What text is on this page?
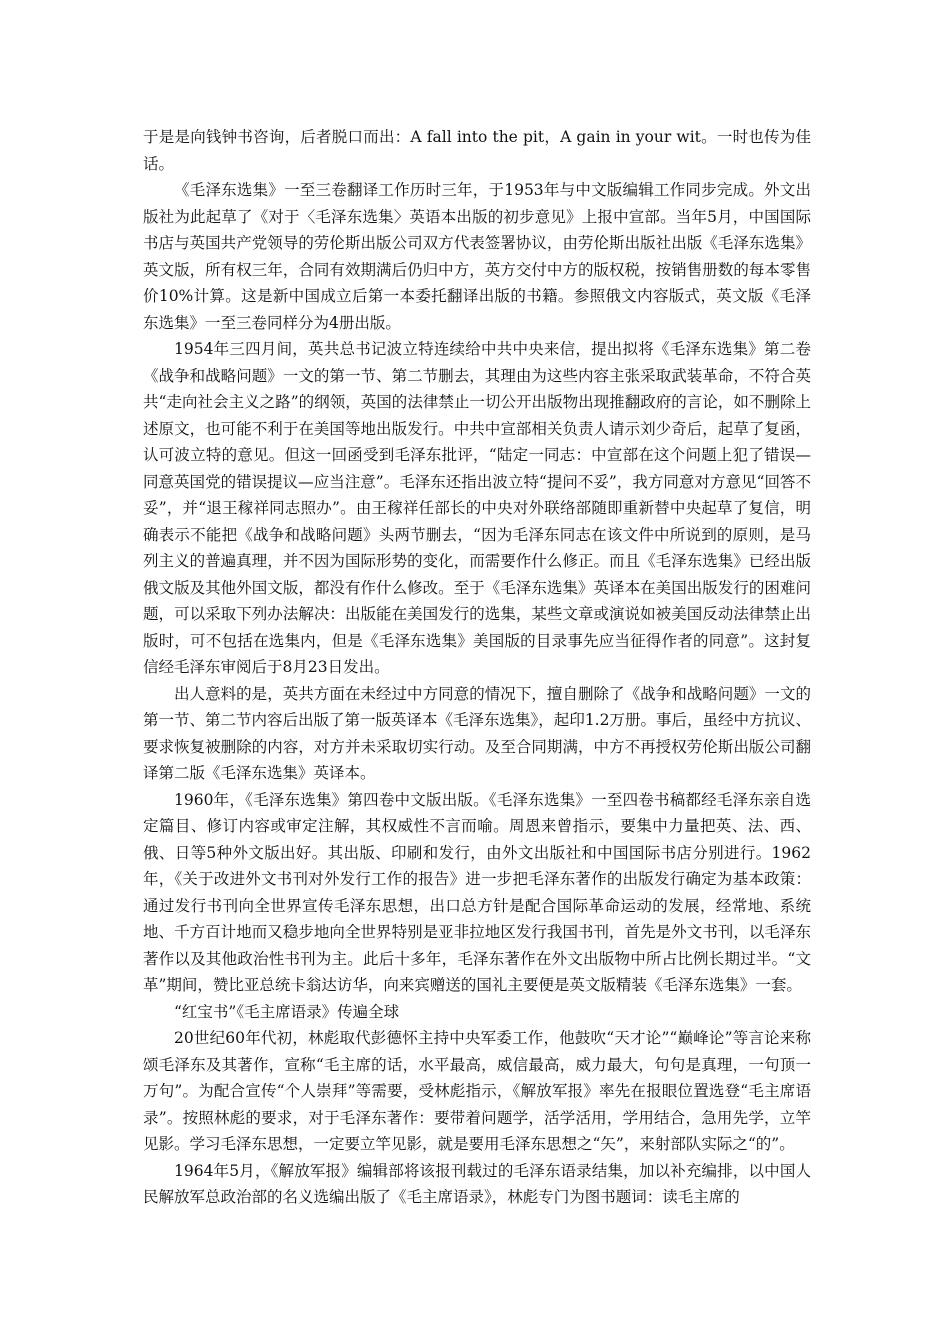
于是是向钱钟书咨询，后者脱口而出：A fall into the pit，A gain in your wit。一时也传为佳话。

《毛泽东选集》一至三卷翻译工作历时三年，于1953年与中文版编辑工作同步完成。外文出版社为此起草了《对于〈毛泽东选集〉英语本出版的初步意见》上报中宣部。当年5月，中国国际书店与英国共产党领导的劳伦斯出版公司双方代表签署协议，由劳伦斯出版社出版《毛泽东选集》英文版，所有权三年，合同有效期满后仍归中方，英方交付中方的版权税，按销售册数的每本零售价10%计算。这是新中国成立后第一本委托翻译出版的书籍。参照俄文内容版式，英文版《毛泽东选集》一至三卷同样分为4册出版。

1954年三四月间，英共总书记波立特连续给中共中央来信，提出拟将《毛泽东选集》第二卷《战争和战略问题》一文的第一节、第二节删去，其理由为这些内容主张采取武装革命，不符合英共“走向社会主义之路”的纲领，英国的法律禁止一切公开出版物出现推翻政府的言论，如不删除上述原文，也可能不利于在美国等地出版发行。中共中宣部相关负责人请示刘少奇后，起草了复函，认可波立特的意见。但这一回函受到毛泽东批评，“陆定一同志：中宣部在这个问题上犯了错误—同意英国党的错误提议—应当注意”。毛泽东还指出波立特“提问不妥”，我方同意对方意见“回答不妥”，并“退王稼祥同志照办”。由王稼祥任部长的中央对外联络部随即重新替中央起草了复信，明确表示不能把《战争和战略问题》头两节删去，“因为毛泽东同志在该文件中所说到的原则，是马列主义的普遍真理，并不因为国际形势的变化，而需要作什么修正。而且《毛泽东选集》已经出版俄文版及其他外国文版，都没有作什么修改。至于《毛泽东选集》英译本在美国出版发行的困难问题，可以采取下列办法解决：出版能在美国发行的选集，某些文章或演说如被美国反动法律禁止出版时，可不包括在选集内，但是《毛泽东选集》美国版的目录事先应当征得作者的同意”。这封复信经毛泽东审阅后于8月23日发出。

出人意料的是，英共方面在未经过中方同意的情况下，擅自删除了《战争和战略问题》一文的第一节、第二节内容后出版了第一版英译本《毛泽东选集》，起印1.2万册。事后，虽经中方抗议、要求恢复被删除的内容，对方并未采取切实行动。及至合同期满，中方不再授权劳伦斯出版公司翻译第二版《毛泽东选集》英译本。

1960年，《毛泽东选集》第四卷中文版出版。《毛泽东选集》一至四卷书稿都经毛泽东亲自选定篇目、修订内容或审定注解，其权威性不言而喻。周恩来曾指示，要集中力量把英、法、西、俄、日等5种外文版出好。其出版、印刷和发行，由外文出版社和中国国际书店分别进行。1962年，《关于改进外文书刊对外发行工作的报告》进一步把毛泽东著作的出版发行确定为基本政策：通过发行书刊向全世界宣传毛泽东思想，出口总方针是配合国际革命运动的发展，经常地、系统地、千方百计地而又稳步地向全世界特别是亚非拉地区发行我国书刊，首先是外文书刊，以毛泽东著作以及其他政治性书刊为主。此后十多年，毛泽东著作在外文出版物中所占比例长期过半。“文革”期间，赞比亚总统卡翁达访华，向来宾赠送的国礼主要便是英文版精装《毛泽东选集》一套。

“红宝书”《毛主席语录》传遍全球

20世纪60年代初，林彪取代彭德怀主持中央军委工作，他鼓吹“天才论”“巅峰论”等言论来称颂毛泽东及其著作，宣称“毛主席的话，水平最高，威信最高，威力最大，句句是真理，一句顶一万句”。为配合宣传“个人崇拜”等需要，受林彪指示，《解放军报》率先在报眼位置选登“毛主席语录”。按照林彪的要求，对于毛泽东著作：要带着问题学，活学活用，学用结合，急用先学，立竿见影。学习毛泽东思想，一定要立竿见影，就是要用毛泽东思想之“矢”，来射部队实际之“的”。

1964年5月，《解放军报》编辑部将该报刊载过的毛泽东语录结集，加以补充编排，以中国人民解放军总政治部的名义选编出版了《毛主席语录》，林彪专门为图书题词：读毛主席的
